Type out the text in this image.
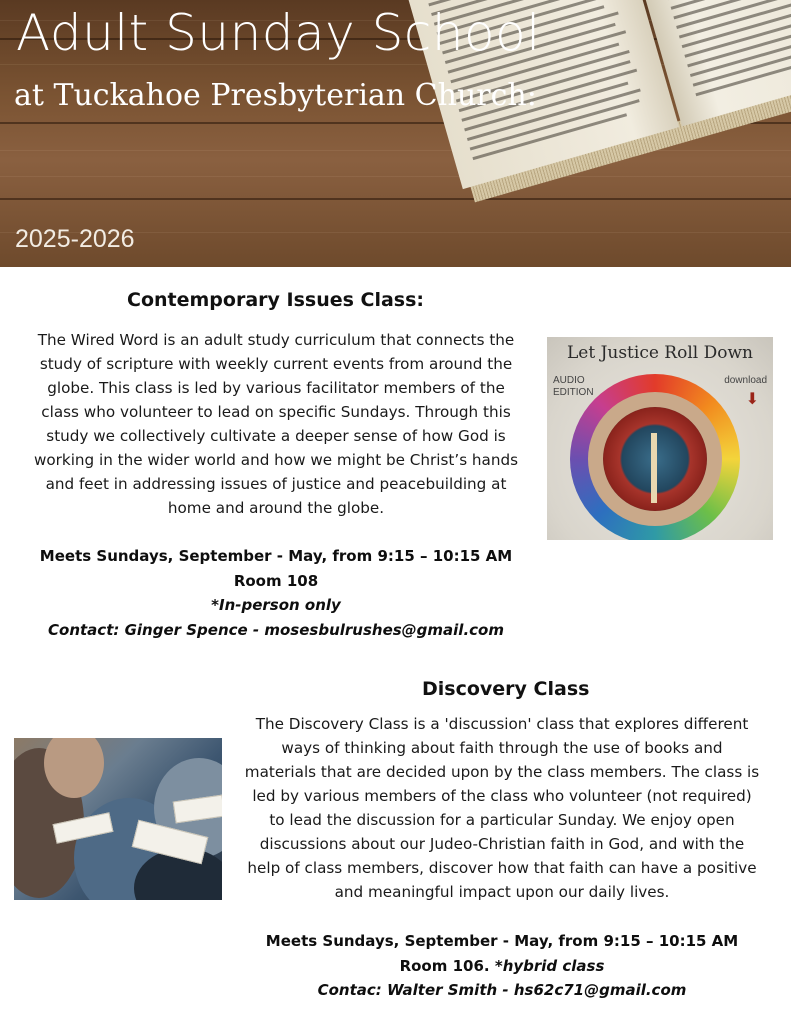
Adult Sunday School
at Tuckahoe Presbyterian Church:
2025-2026
Contemporary Issues Class:

The Wired Word is an adult study curriculum that connects the
study of scripture with weekly current events from around the
globe. This class is led by various facilitator members of the
class who volunteer to lead on specific Sundays. Through this
study we collectively cultivate a deeper sense of how God is
working in the wider world and how we might be Christ’s hands
and feet in addressing issues of justice and peacebuilding at
home and around the globe.

Meets Sundays, September - May, from 9:15 – 10:15 AM
Room 108
*In-person only
Contact: Ginger Spence - mosesbulrushes@gmail.com
Let Justice Roll Down
AUDIO
EDITION
download
⬇
Discovery Class

The Discovery Class is a 'discussion' class that explores different
ways of thinking about faith through the use of books and
materials that are decided upon by the class members. The class is
led by various members of the class who volunteer (not required)
to lead the discussion for a particular Sunday. We enjoy open
discussions about our Judeo-Christian faith in God, and with the
help of class members, discover how that faith can have a positive
and meaningful impact upon our daily lives.

Meets Sundays, September - May, from 9:15 – 10:15 AM
Room 106. *hybrid class
Contac: Walter Smith - hs62c71@gmail.com
